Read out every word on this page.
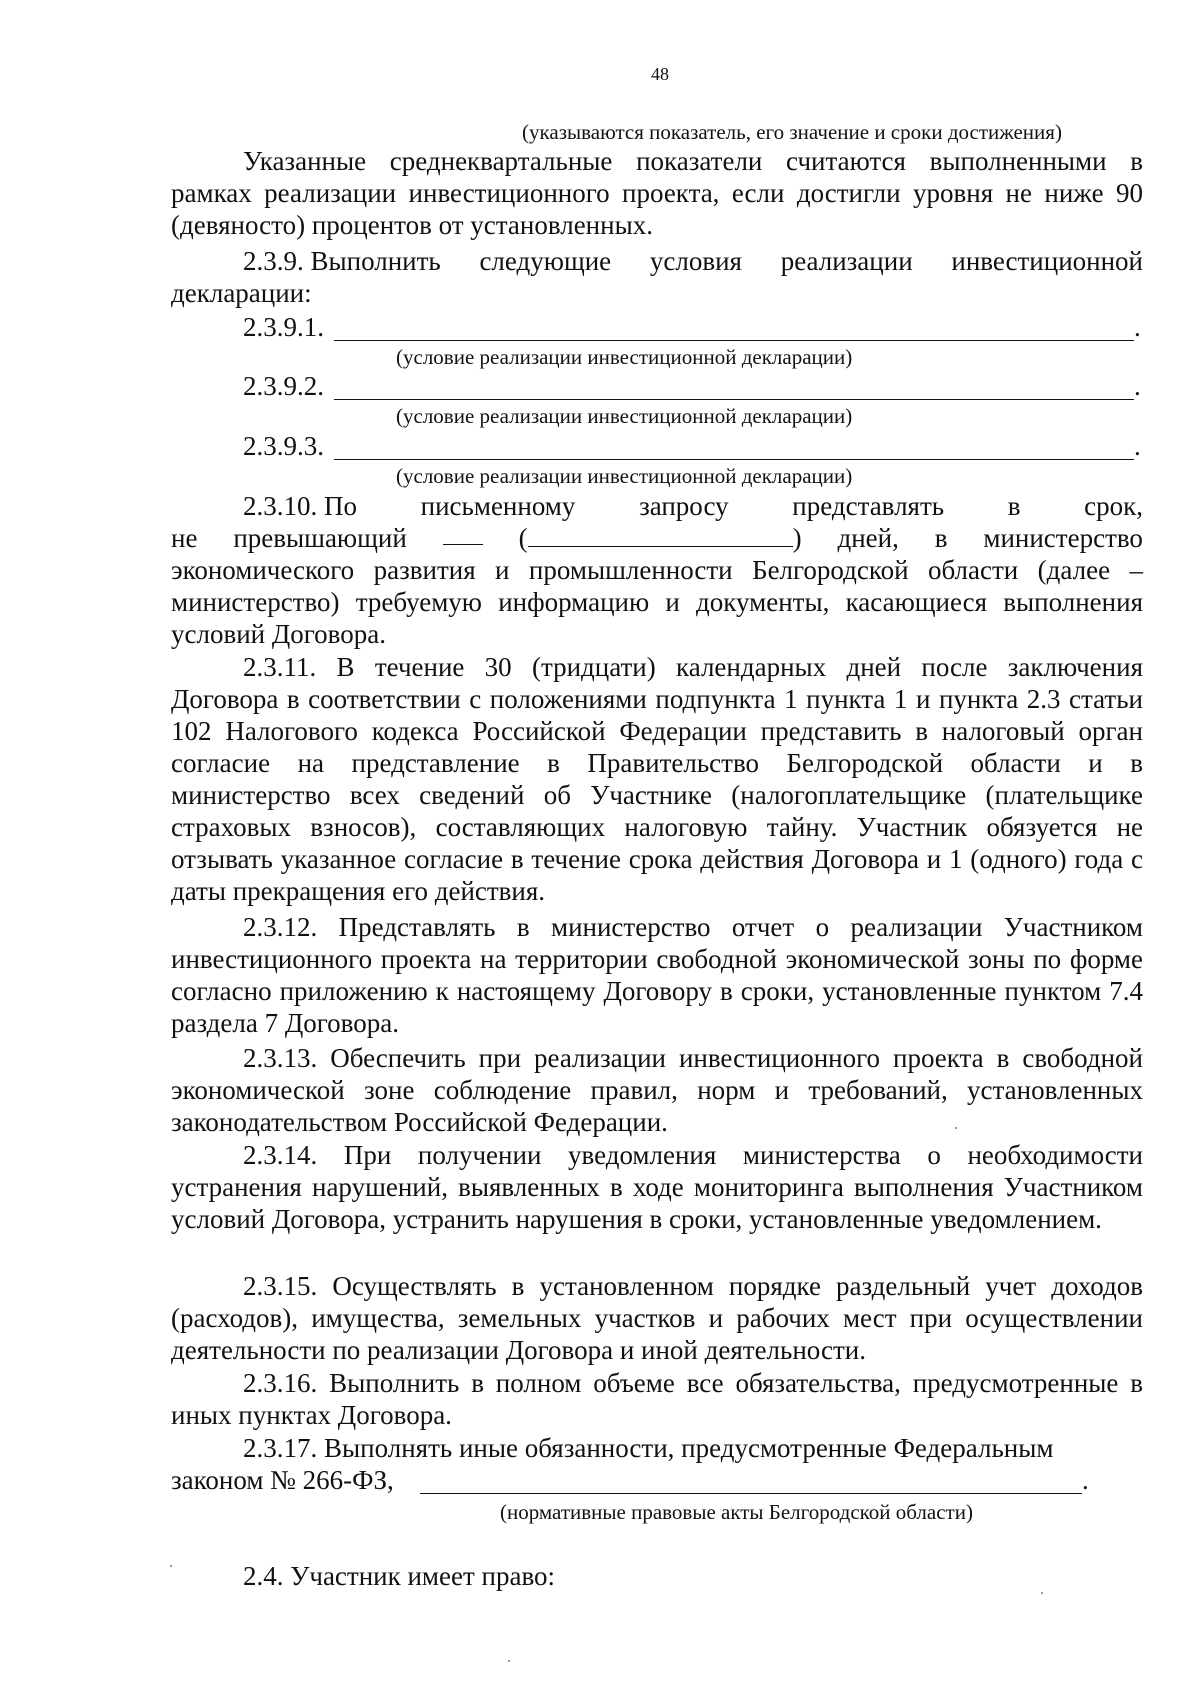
48
(указываются показатель, его значение и сроки достижения)
Указанные среднеквартальные показатели считаются выполненными в рамках реализации инвестиционного проекта, если достигли уровня не ниже 90 (девяносто) процентов от установленных.
2.3.9. Выполнить следующие условия реализации инвестиционной
декларации:
2.3.9.1.	.
(условие реализации инвестиционной декларации)
2.3.9.2.	.
(условие реализации инвестиционной декларации)
2.3.9.3.	.
(условие реализации инвестиционной декларации)
2.3.10. По письменному запросу представлять в срок,
не превышающий	(	) дней, в министерство
экономического развития и промышленности Белгородской области (далее – министерство) требуемую информацию и документы, касающиеся выполнения условий Договора.
2.3.11. В течение 30 (тридцати) календарных дней после заключения Договора в соответствии с положениями подпункта 1 пункта 1 и пункта 2.3 статьи 102 Налогового кодекса Российской Федерации представить в налоговый орган согласие на представление в Правительство Белгородской области и в министерство всех сведений об Участнике (налогоплательщике (плательщике страховых взносов), составляющих налоговую тайну. Участник обязуется не отзывать указанное согласие в течение срока действия Договора и 1 (одного) года с даты прекращения его действия.
2.3.12. Представлять в министерство отчет о реализации Участником инвестиционного проекта на территории свободной экономической зоны по форме согласно приложению к настоящему Договору в сроки, установленные пунктом 7.4 раздела 7 Договора.
2.3.13. Обеспечить при реализации инвестиционного проекта в свободной экономической зоне соблюдение правил, норм и требований, установленных законодательством Российской Федерации.
2.3.14. При получении уведомления министерства о необходимости устранения нарушений, выявленных в ходе мониторинга выполнения Участником условий Договора, устранить нарушения в сроки, установленные уведомлением.
2.3.15. Осуществлять в установленном порядке раздельный учет доходов (расходов), имущества, земельных участков и рабочих мест при осуществлении деятельности по реализации Договора и иной деятельности.
2.3.16. Выполнить в полном объеме все обязательства, предусмотренные в иных пунктах Договора.
2.3.17. Выполнять иные обязанности, предусмотренные Федеральным
законом № 266-ФЗ,	.
(нормативные правовые акты Белгородской области)
2.4. Участник имеет право:
